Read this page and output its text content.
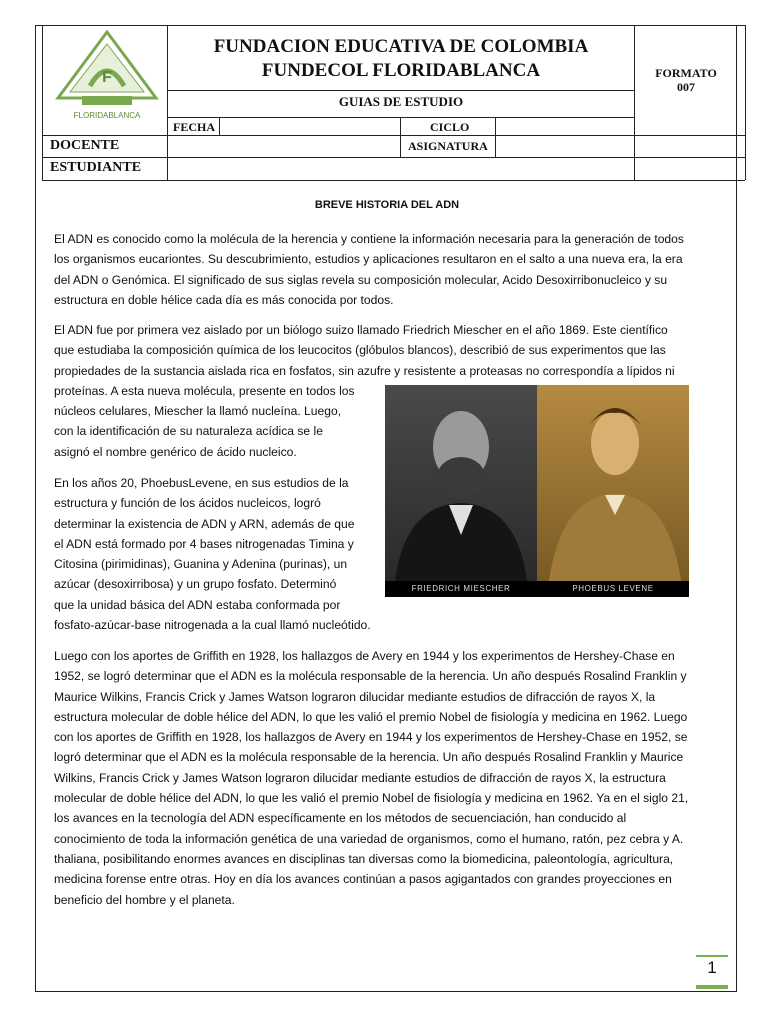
F
FLORIDABLANCA
FUNDACION EDUCATIVA DE COLOMBIA
FUNDECOL FLORIDABLANCA
GUIAS DE ESTUDIO
FORMATO
007
FECHA	CICLO
DOCENTE	ASIGNATURA
ESTUDIANTE
BREVE HISTORIA DEL ADN
El ADN es conocido como la molécula de la herencia y contiene la información necesaria para la generación de todos
los organismos eucariontes. Su descubrimiento, estudios y aplicaciones resultaron en el salto a una nueva era, la era
del ADN o Genómica. El significado de sus siglas revela su composición molecular, Acido Desoxirribonucleico y su
estructura en doble hélice cada día es más conocida por todos.
El ADN fue por primera vez aislado por un biólogo suizo llamado Friedrich Miescher en el año 1869. Este científico
que estudiaba la composición química de los leucocitos (glóbulos blancos), describió de sus experimentos que las
propiedades de la sustancia aislada rica en fosfatos, sin azufre y resistente a proteasas no correspondía a lípidos ni
proteínas. A esta nueva molécula, presente en todos los
núcleos celulares, Miescher la llamó nucleína. Luego,
con la identificación de su naturaleza acídica se le
asignó el nombre genérico de ácido nucleico.
En los años 20, PhoebusLevene, en sus estudios de la
estructura y función de los ácidos nucleicos, logró
determinar la existencia de ADN y ARN, además de que
el ADN está formado por 4 bases nitrogenadas Timina y
Citosina (pirimidinas), Guanina y Adenina (purinas), un
azúcar (desoxirribosa) y un grupo fosfato. Determinó
que la unidad básica del ADN estaba conformada por
fosfato-azúcar-base nitrogenada a la cual llamó nucleótido.
FRIEDRICH MIESCHER	PHOEBUS LEVENE
Luego con los aportes de Griffith en 1928, los hallazgos de Avery en 1944 y los experimentos de Hershey-Chase en
1952, se logró determinar que el ADN es la molécula responsable de la herencia. Un año después Rosalind Franklin y
Maurice Wilkins, Francis Crick y James Watson lograron dilucidar mediante estudios de difracción de rayos X, la
estructura molecular de doble hélice del ADN, lo que les valió el premio Nobel de fisiología y medicina en 1962. Luego
con los aportes de Griffith en 1928, los hallazgos de Avery en 1944 y los experimentos de Hershey-Chase en 1952, se
logró determinar que el ADN es la molécula responsable de la herencia. Un año después Rosalind Franklin y Maurice
Wilkins, Francis Crick y James Watson lograron dilucidar mediante estudios de difracción de rayos X, la estructura
molecular de doble hélice del ADN, lo que les valió el premio Nobel de fisiología y medicina en 1962. Ya en el siglo 21,
los avances en la tecnología del ADN específicamente en los métodos de secuenciación, han conducido al
conocimiento de toda la información genética de una variedad de organismos, como el humano, ratón, pez cebra y A.
thaliana, posibilitando enormes avances en disciplinas tan diversas como la biomedicina, paleontología, agricultura,
medicina forense entre otras. Hoy en día los avances continúan a pasos agigantados con grandes proyecciones en
beneficio del hombre y el planeta.
1
